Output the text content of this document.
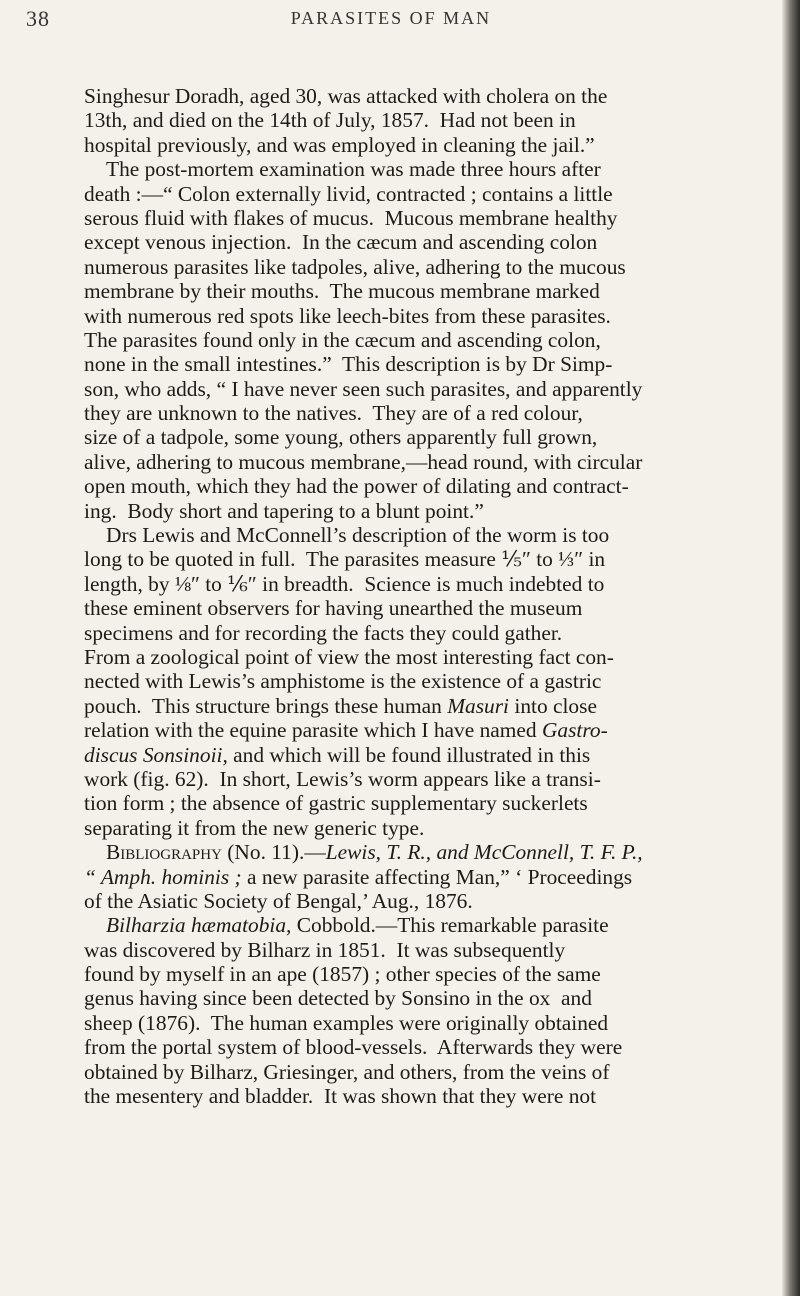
38	PARASITES OF MAN
Singhesur Doradh, aged 30, was attacked with cholera on the
13th, and died on the 14th of July, 1857.  Had not been in
hospital previously, and was employed in cleaning the jail.”
The post-mortem examination was made three hours after
death :—“ Colon externally livid, contracted ; contains a little
serous fluid with flakes of mucus.  Mucous membrane healthy
except venous injection.  In the cæcum and ascending colon
numerous parasites like tadpoles, alive, adhering to the mucous
membrane by their mouths.  The mucous membrane marked
with numerous red spots like leech-bites from these parasites.
The parasites found only in the cæcum and ascending colon,
none in the small intestines.”  This description is by Dr Simp-
son, who adds, “ I have never seen such parasites, and apparently
they are unknown to the natives.  They are of a red colour,
size of a tadpole, some young, others apparently full grown,
alive, adhering to mucous membrane,—head round, with circular
open mouth, which they had the power of dilating and contract-
ing.  Body short and tapering to a blunt point.”
Drs Lewis and McConnell’s description of the worm is too
long to be quoted in full.  The parasites measure ⅕″ to ⅓″ in
length, by ⅛″ to ⅙″ in breadth.  Science is much indebted to
these eminent observers for having unearthed the museum
specimens and for recording the facts they could gather.
From a zoological point of view the most interesting fact con-
nected with Lewis’s amphistome is the existence of a gastric
pouch.  This structure brings these human Masuri into close
relation with the equine parasite which I have named Gastro-
discus Sonsinoii, and which will be found illustrated in this
work (fig. 62).  In short, Lewis’s worm appears like a transi-
tion form ; the absence of gastric supplementary suckerlets
separating it from the new generic type.
Bibliography (No. 11).—Lewis, T. R., and McConnell, T. F. P.,
“ Amph. hominis ; a new parasite affecting Man,” ‘ Proceedings
of the Asiatic Society of Bengal,’ Aug., 1876.
Bilharzia hæmatobia, Cobbold.—This remarkable parasite
was discovered by Bilharz in 1851.  It was subsequently
found by myself in an ape (1857) ; other species of the same
genus having since been detected by Sonsino in the ox  and
sheep (1876).  The human examples were originally obtained
from the portal system of blood-vessels.  Afterwards they were
obtained by Bilharz, Griesinger, and others, from the veins of
the mesentery and bladder.  It was shown that they were not
